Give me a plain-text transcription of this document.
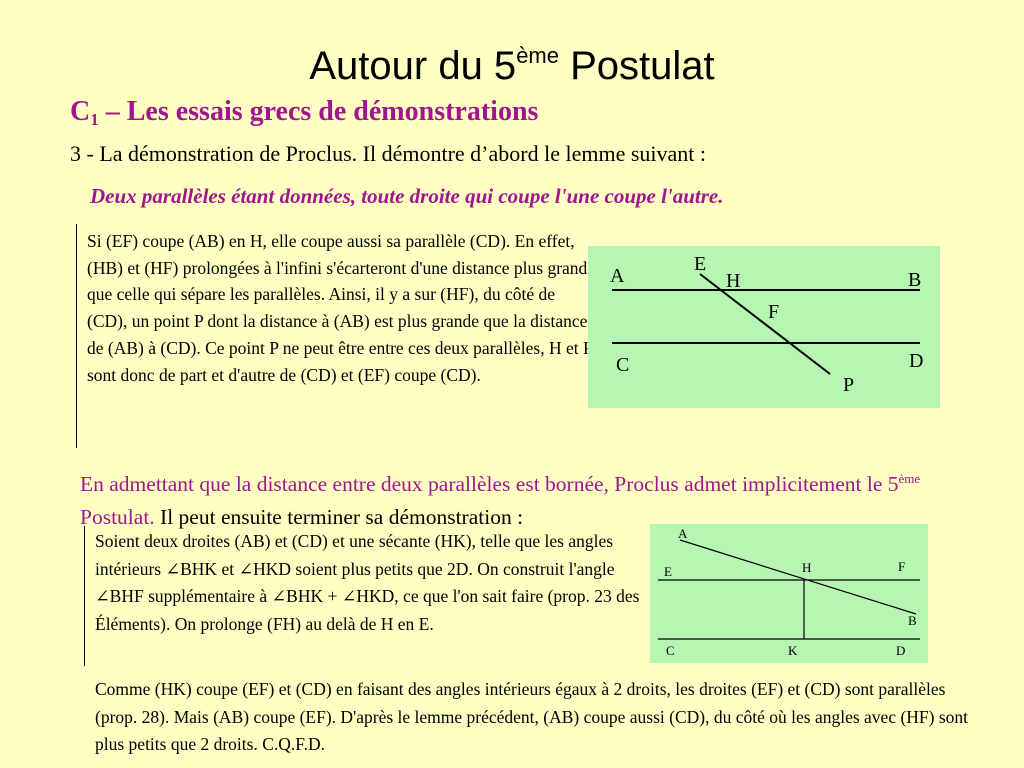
Autour du 5ème Postulat
$C_1$ – Les essais grecs de démonstrations
3 - La démonstration de Proclus. Il démontre d’abord le lemme suivant :
Deux parallèles étant données, toute droite qui coupe l'une coupe l'autre.

Si (EF) coupe (AB) en H, elle coupe aussi sa parallèle (CD). En effet, (HB) et (HF) prolongées à l'infini s'écarteront d'une distance plus grande que celle qui sépare les parallèles. Ainsi, il y a sur (HF), du côté de (CD), un point P dont la distance à (AB) est plus grande que la distance de (AB) à (CD). Ce point P ne peut être entre ces deux parallèles, H et P sont donc de part et d'autre de (CD) et (EF) coupe (CD).

A	B
C	D
E
H
F
P
En admettant que la distance entre deux parallèles est bornée, Proclus admet implicitement le 5ème Postulat. Il peut ensuite terminer sa démonstration :

Soient deux droites (AB) et (CD) et une sécante (HK), telle que les angles intérieurs ∠BHK et ∠HKD soient plus petits que 2D. On construit l'angle ∠BHF supplémentaire à ∠BHK + ∠HKD, ce que l'on sait faire (prop. 23 des Éléments). On prolonge (FH) au delà de H en E.

A
E	H	F
B
C	K	D

Comme (HK) coupe (EF) et (CD) en faisant des angles intérieurs égaux à 2 droits, les droites (EF) et (CD) sont parallèles (prop. 28). Mais (AB) coupe (EF). D'après le lemme précédent, (AB) coupe aussi (CD), du côté où les angles avec (HF) sont plus petits que 2 droits. C.Q.F.D.
